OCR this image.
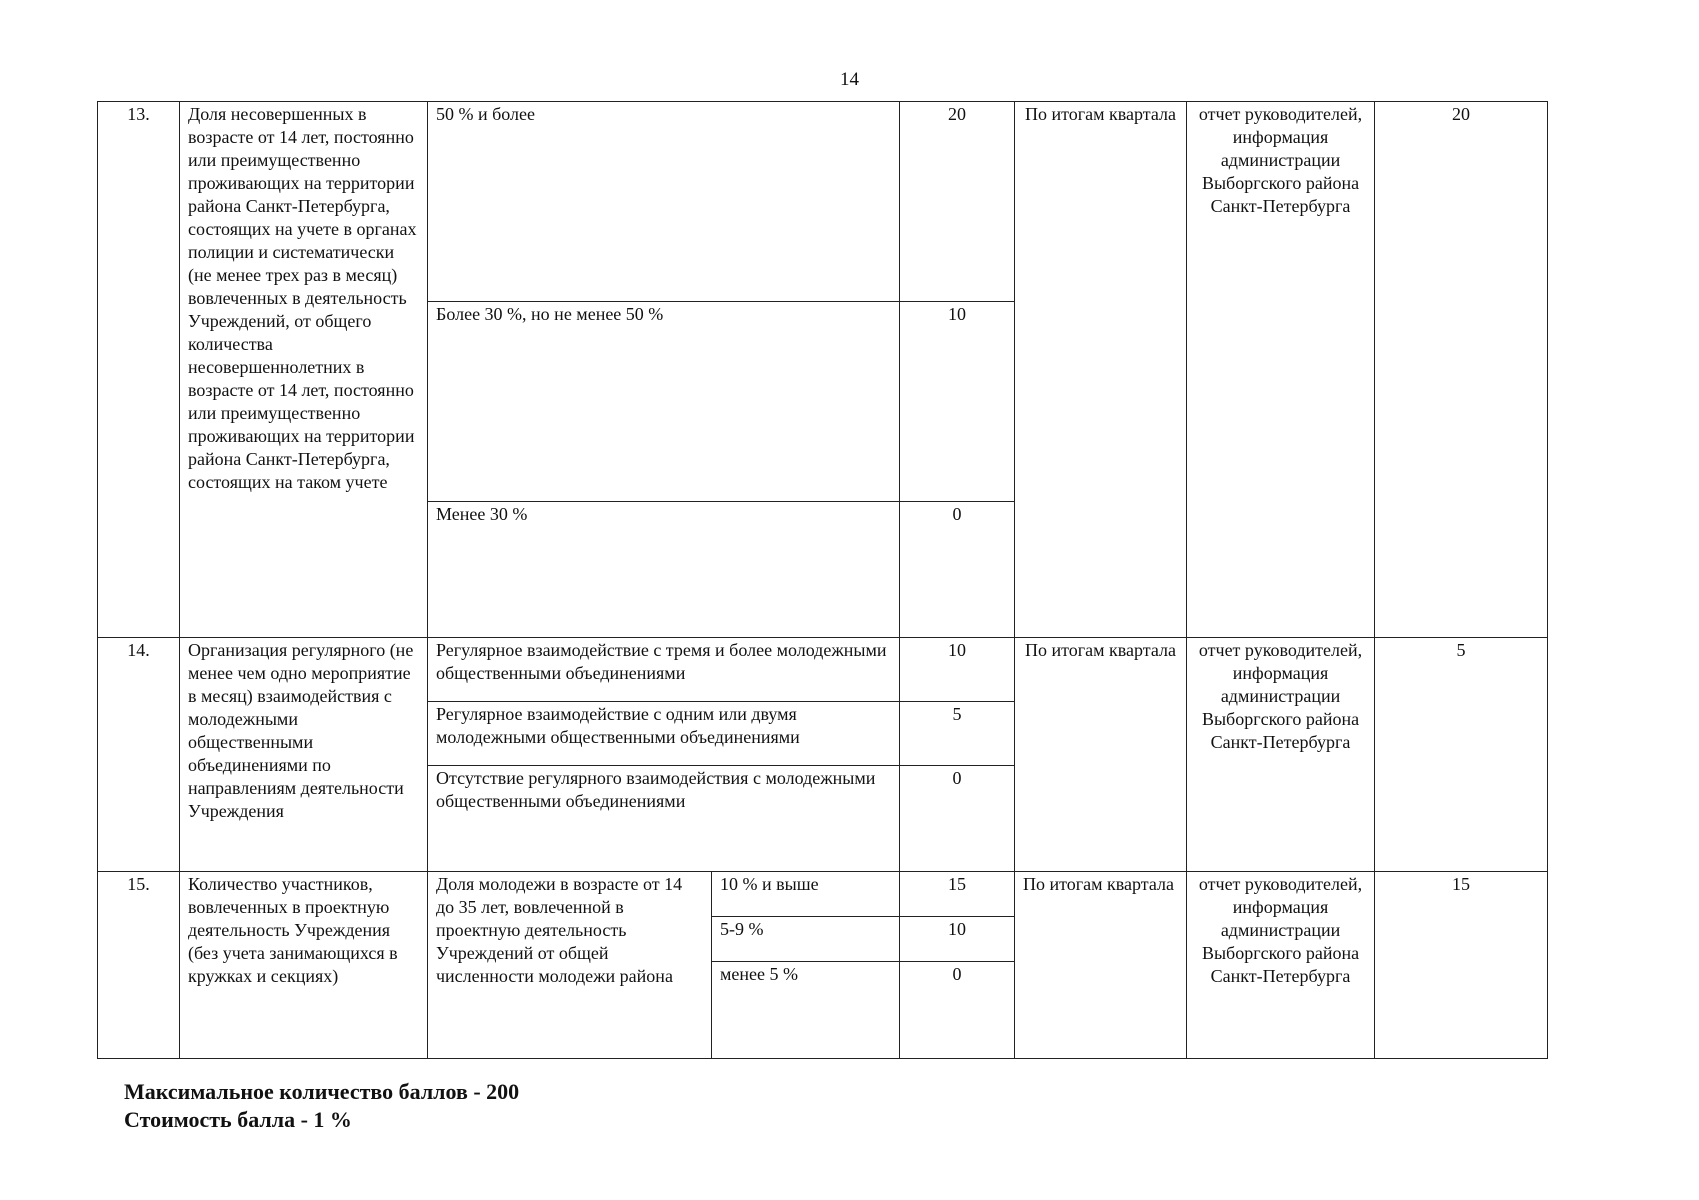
14
13.	Доля несовершенных в возрасте от 14 лет, постоянно или преимущественно проживающих на территории района Санкт-Петербурга, состоящих на учете в органах полиции и систематически (не менее трех раз в месяц) вовлеченных в деятельность Учреждений, от общего количества несовершеннолетних в возрасте от 14 лет, постоянно или преимущественно проживающих на территории района Санкт-Петербурга, состоящих на таком учете	50 % и более		20	По итогам квартала	отчет руководителей, информация администрации Выборгского района Санкт-Петербурга	20
		Более 30 %, но не менее 50 %		10			
		Менее 30 %		0			
14.	Организация регулярного (не менее чем одно мероприятие в месяц) взаимодействия с молодежными общественными объединениями по направлениям деятельности Учреждения	Регулярное взаимодействие с тремя и более молодежными общественными объединениями		10	По итогам квартала	отчет руководителей, информация администрации Выборгского района Санкт-Петербурга	5
		Регулярное взаимодействие с одним или двумя молодежными общественными объединениями		5			
		Отсутствие регулярного взаимодействия с молодежными общественными объединениями		0			
15.	Количество участников, вовлеченных в проектную деятельность Учреждения (без учета занимающихся в кружках и секциях)	Доля молодежи в возрасте от 14 до 35 лет, вовлеченной в проектную деятельность Учреждений от общей численности молодежи района	10 % и выше	15	По итогам квартала	отчет руководителей, информация администрации Выборгского района Санкт-Петербурга	15
			5-9 %	10			
			менее 5 %	0			
Максимальное количество баллов - 200
Стоимость балла - 1 %
